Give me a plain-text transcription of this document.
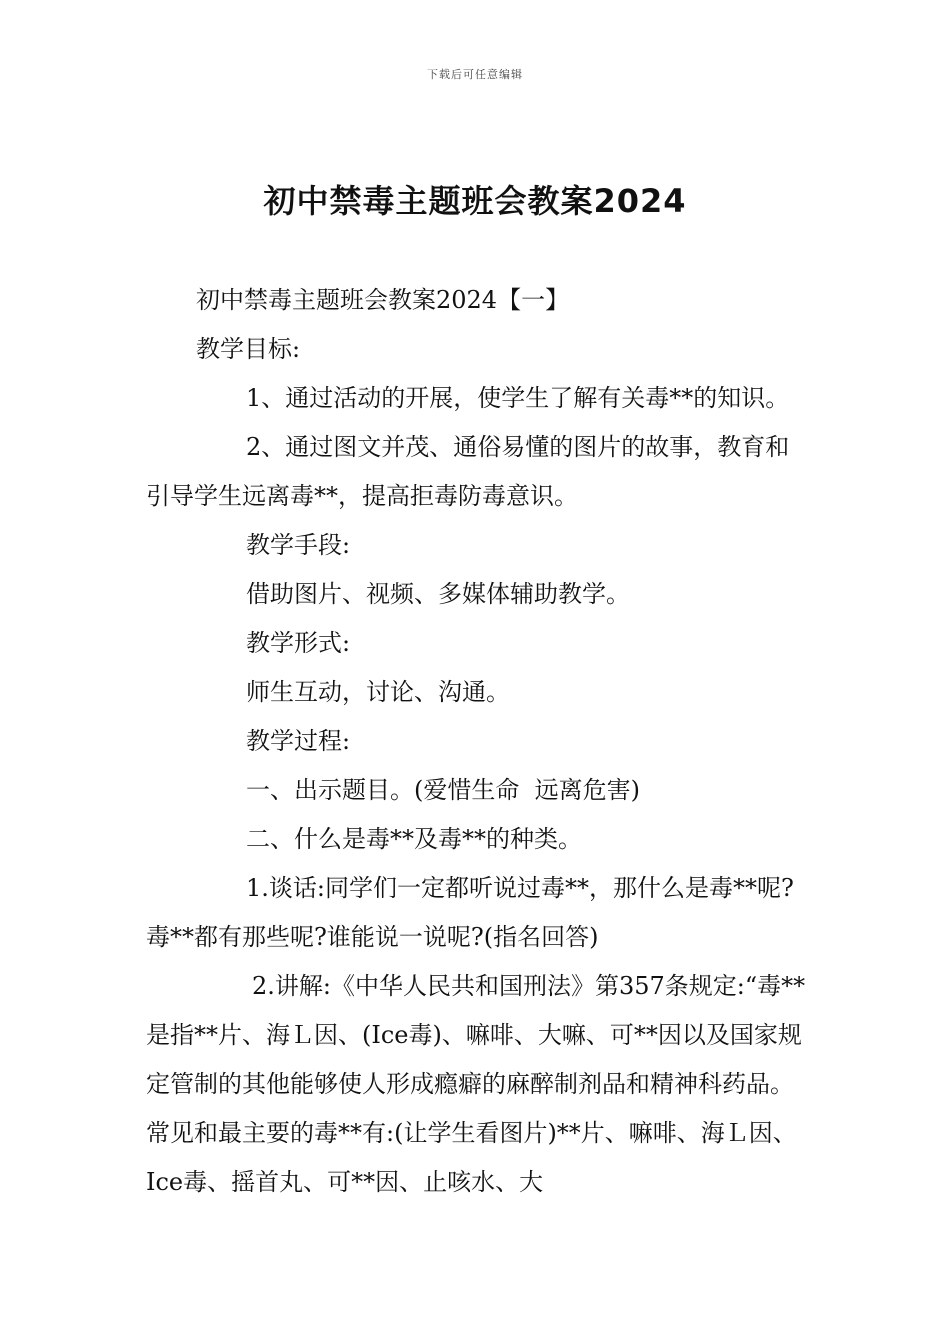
下载后可任意编辑
初中禁毒主题班会教案2024

初中禁毒主题班会教案2024【一】

教学目标:

1、通过活动的开展，使学生了解有关毒**的知识。

2、通过图文并茂、通俗易懂的图片的故事，教育和引导学生远离毒**，提高拒毒防毒意识。

教学手段:

借助图片、视频、多媒体辅助教学。

教学形式:

师生互动，讨论、沟通。

教学过程:

一、出示题目。(爱惜生命  远离危害)

二、什么是毒**及毒**的种类。

1.谈话:同学们一定都听说过毒**，那什么是毒**呢?毒**都有那些呢?谁能说一说呢?(指名回答)

2.讲解:《中华人民共和国刑法》第357条规定:“毒**是指**片、海Ｌ因、(Ice毒)、嘛啡、大嘛、可**因以及国家规定管制的其他能够使人形成瘾癖的麻醉制剂品和精神科药品。常见和最主要的毒**有:(让学生看图片)**片、嘛啡、海Ｌ因、Ice毒、摇首丸、可**因、止咳水、大
